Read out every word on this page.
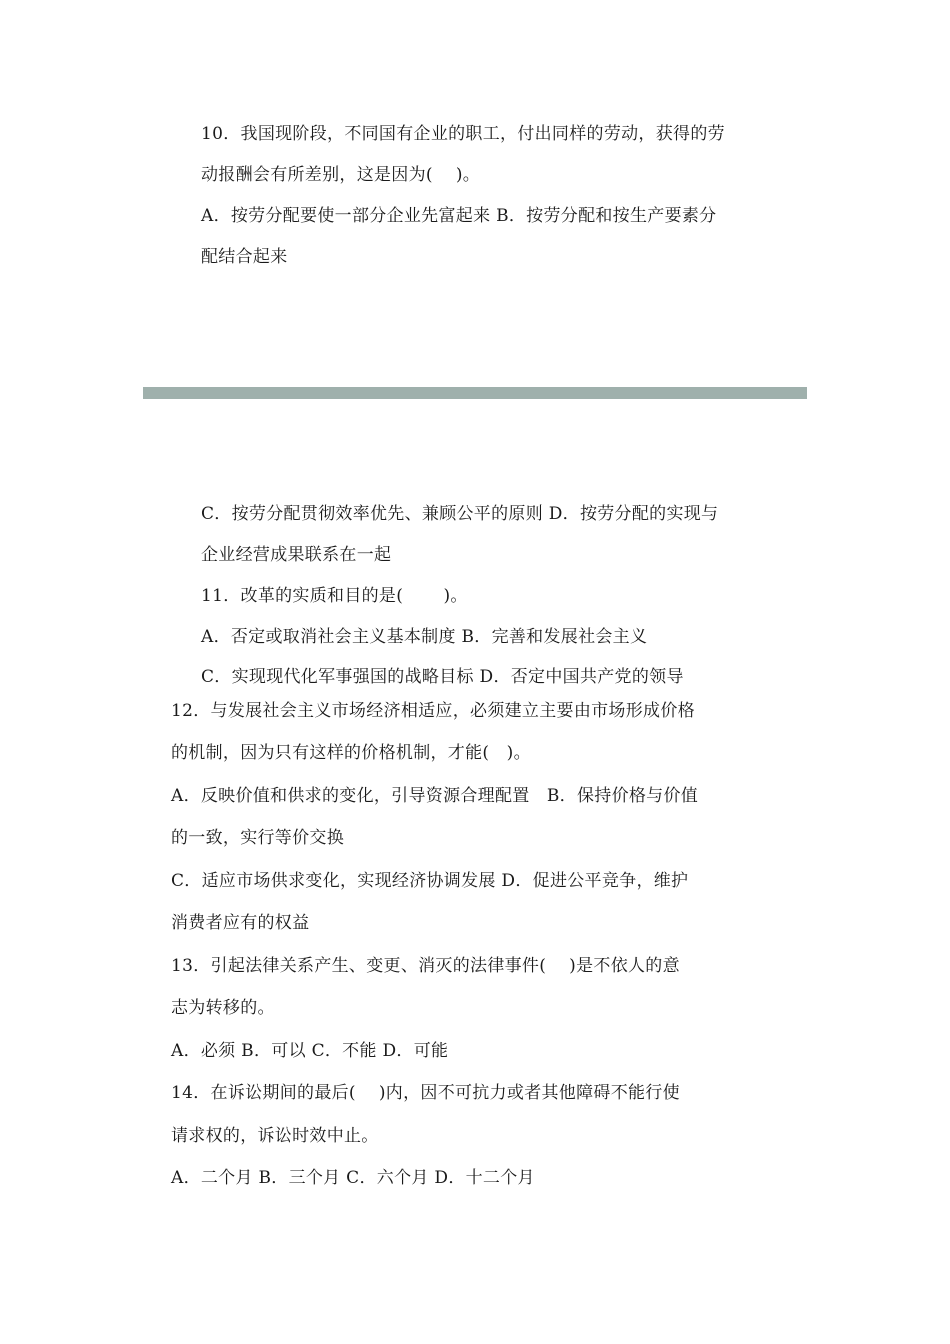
10．我国现阶段，不同国有企业的职工，付出同样的劳动，获得的劳
动报酬会有所差别，这是因为(　 )。
A．按劳分配要使一部分企业先富起来 B．按劳分配和按生产要素分
配结合起来
C．按劳分配贯彻效率优先、兼顾公平的原则 D．按劳分配的实现与
企业经营成果联系在一起
11．改革的实质和目的是(　　 )。
A．否定或取消社会主义基本制度 B．完善和发展社会主义
C．实现现代化军事强国的战略目标 D．否定中国共产党的领导
12．与发展社会主义市场经济相适应，必须建立主要由市场形成价格
的机制，因为只有这样的价格机制，才能(　)。
A．反映价值和供求的变化，引导资源合理配置　B．保持价格与价值
的一致，实行等价交换
C．适应市场供求变化，实现经济协调发展 D．促进公平竞争，维护
消费者应有的权益
13．引起法律关系产生、变更、消灭的法律事件(　 )是不依人的意
志为转移的。
A．必须 B．可以 C．不能 D．可能
14．在诉讼期间的最后(　 )内，因不可抗力或者其他障碍不能行使
请求权的，诉讼时效中止。
A．二个月 B．三个月 C．六个月 D．十二个月
